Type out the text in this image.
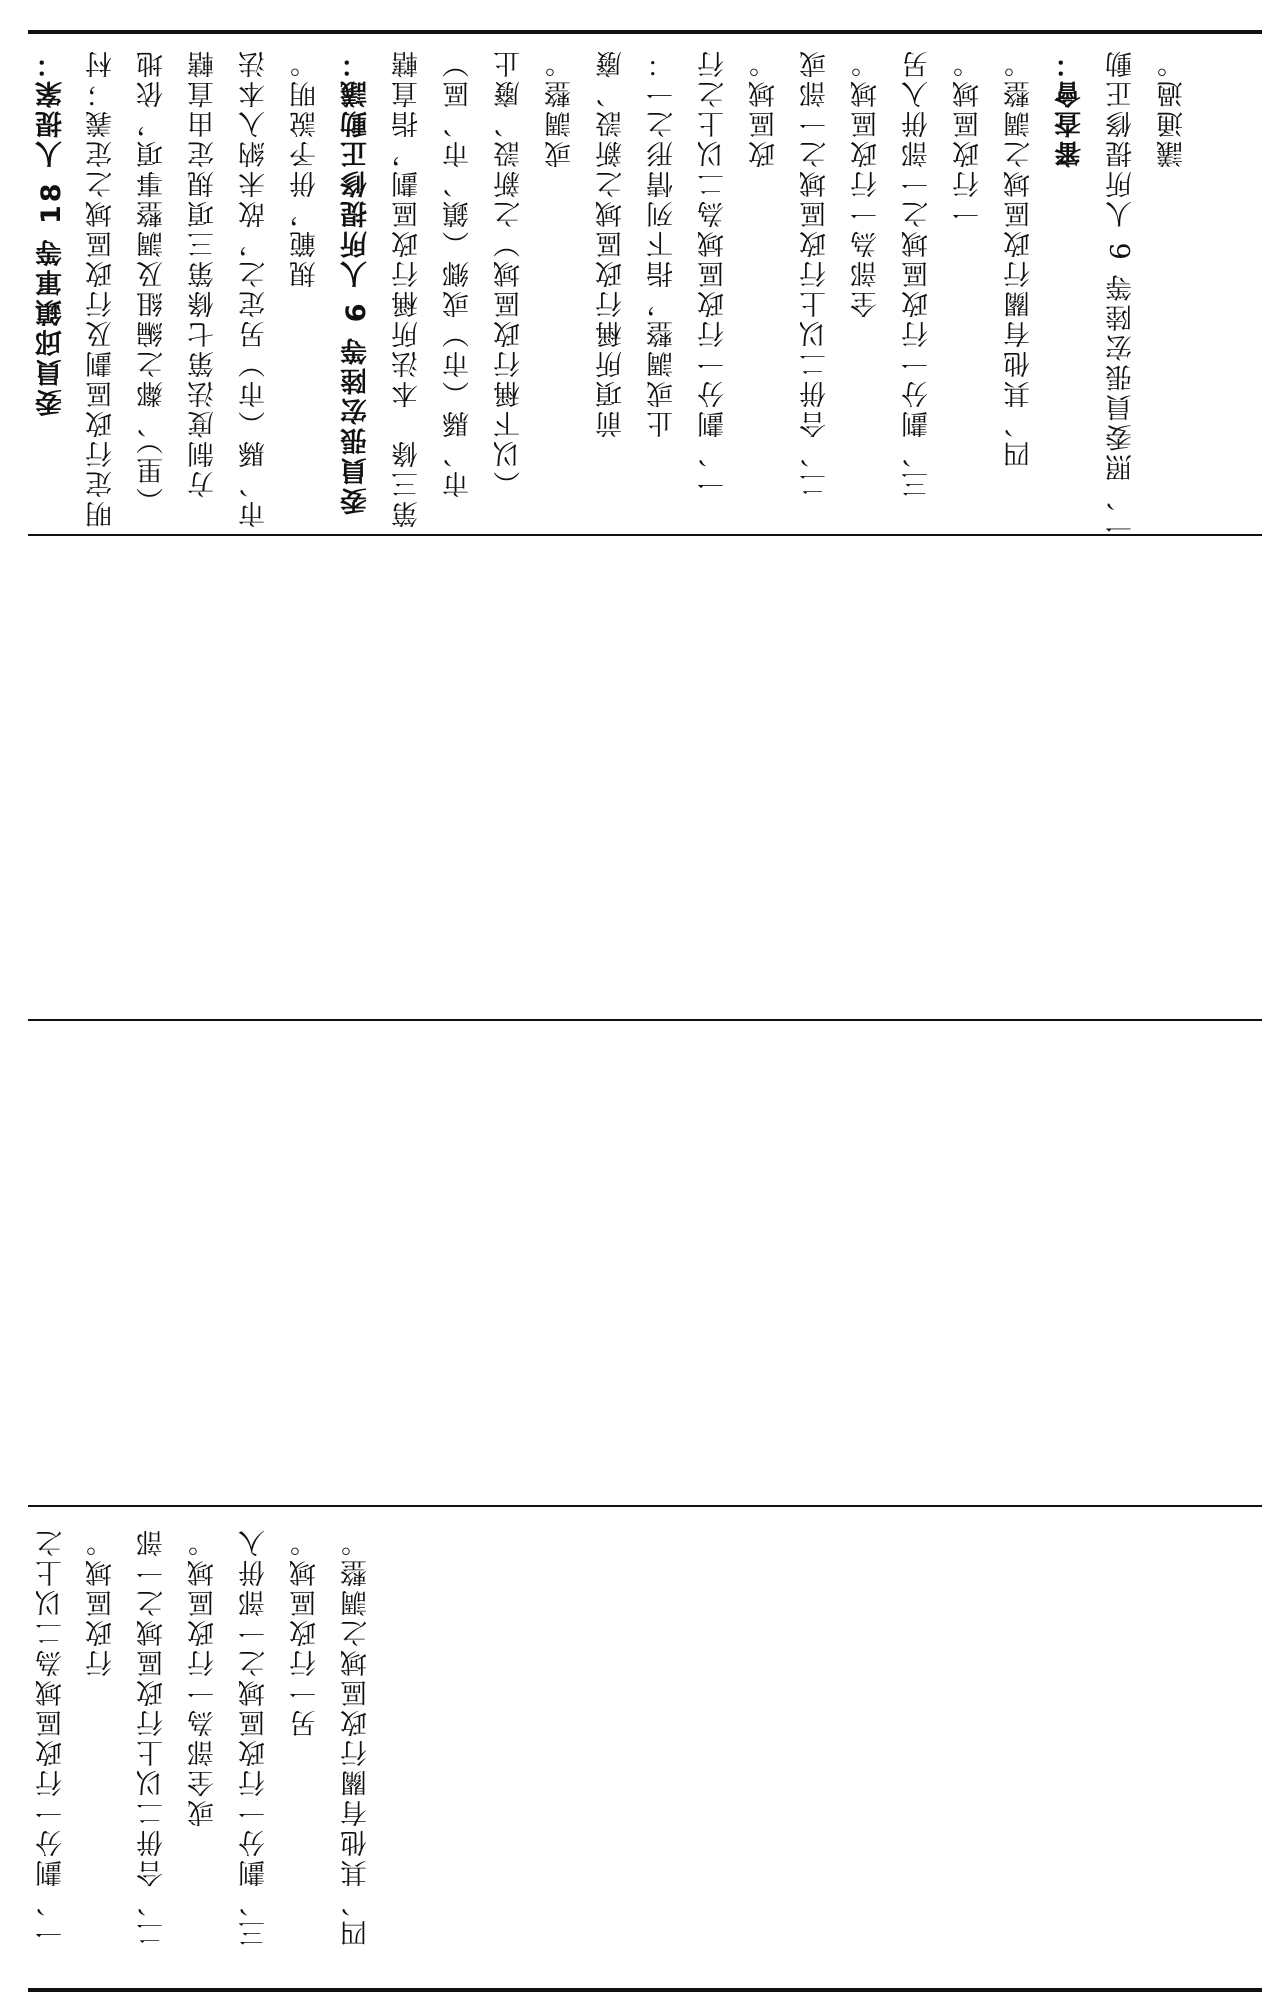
委員邱鎮軍等 18 人提案： 明定行政區劃及行政區域之定義；村 （里）、鄰之編組及調整事項，依地 方制度法第七條第三項規定由直轄 市、縣（市）另定之，故未納入本法 規範，併予說明。 委員張宏陸等 6 人所提修正動議： 第三條　本法所稱行政區劃，指直轄 　　市、縣（市）或鄉（鎮、市、區） 　　（以下稱行政區域）之新設、廢止 或調整。 　　前項所稱行政區域之新設、廢 止或調整，指下列情形之一： 一、劃分一行政區域為二以上之行 　　政區域。 二、合併二以上行政區域之一部或 　　全部為一行政區域。 三、劃分一行政區域之一部併入另 　　一行政區域。 　　四、其他有關行政區域之調整。 審查會： 一、照委員張宏陸等 6 人所提修正動 　　議通過。
一、劃分一行政區域為二以上之 　　行政區域。 二、合併二以上行政區域之一部 　　或全部為一行政區域。 三、劃分一行政區域之一部併入 　　另一行政區域。 四、其他有關行政區域之調整。
